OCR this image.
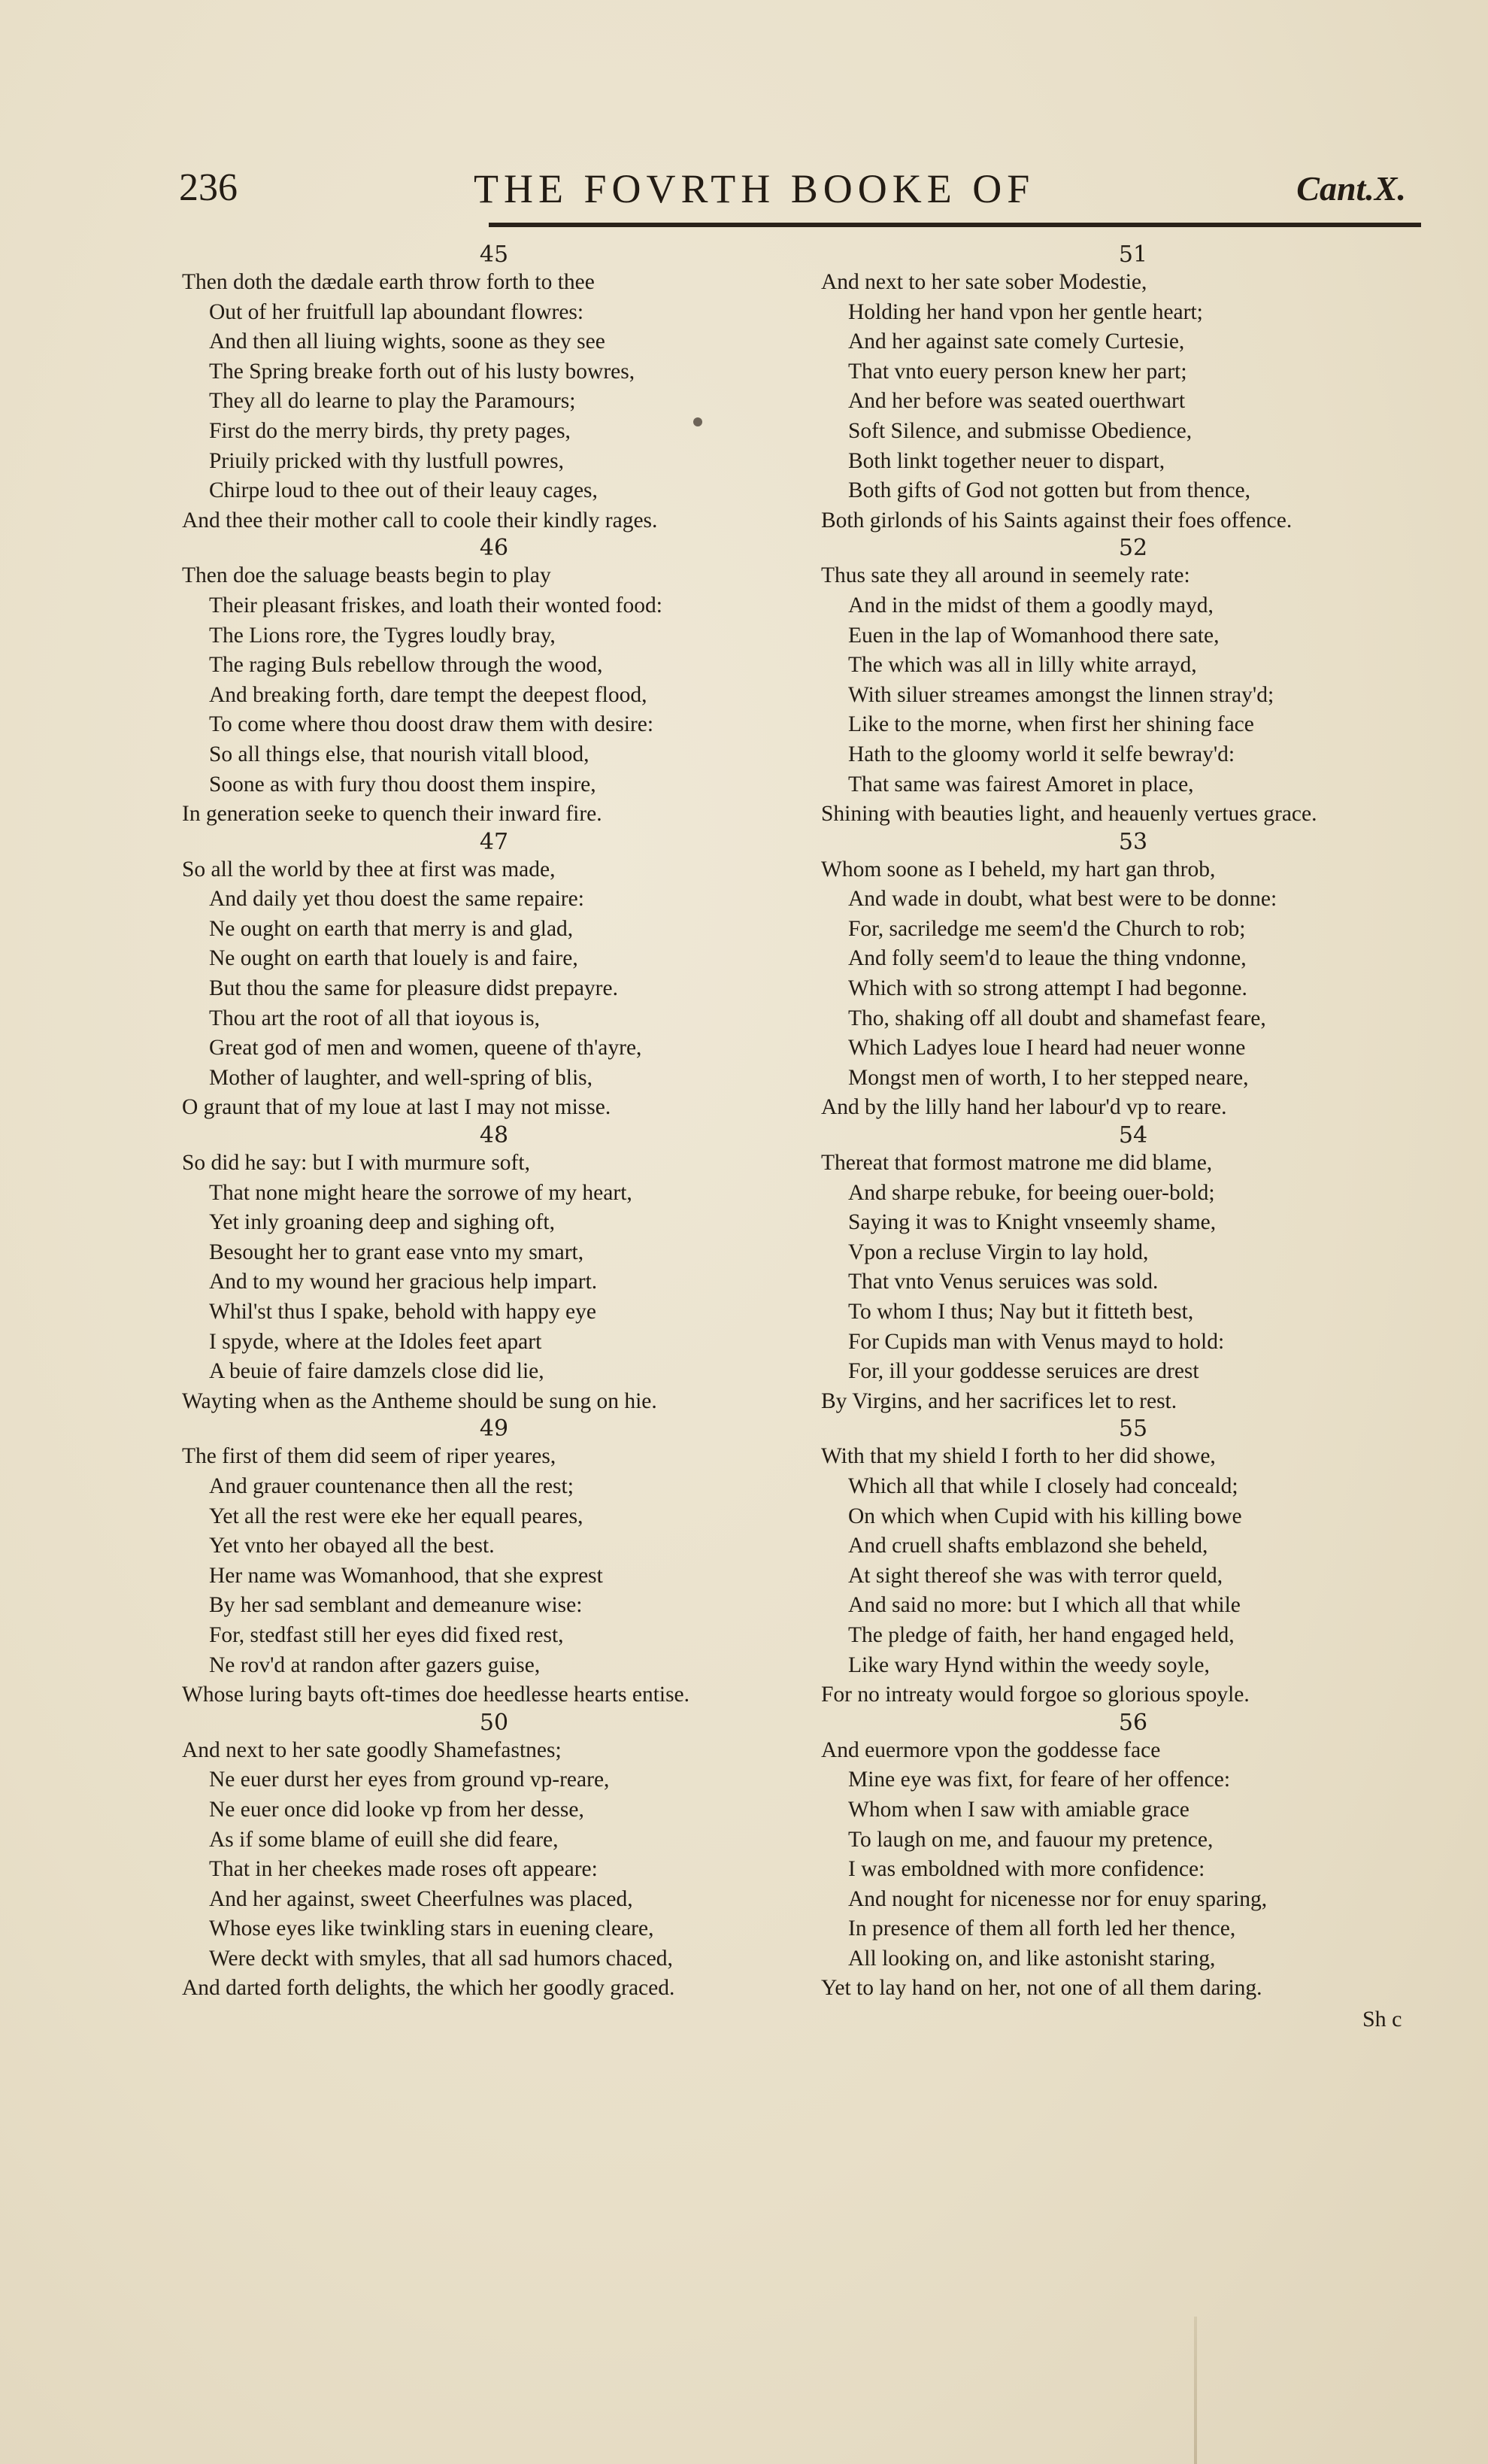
236	THE FOVRTH BOOKE OF	Cant.X.
45
Then doth the dædale earth throw forth to thee
Out of her fruitfull lap aboundant flowres:
And then all liuing wights, soone as they see
The Spring breake forth out of his lusty bowres,
They all do learne to play the Paramours;
First do the merry birds, thy prety pages,
Priuily pricked with thy lustfull powres,
Chirpe loud to thee out of their leauy cages,
And thee their mother call to coole their kindly rages.
46
Then doe the saluage beasts begin to play
Their pleasant friskes, and loath their wonted food:
The Lions rore, the Tygres loudly bray,
The raging Buls rebellow through the wood,
And breaking forth, dare tempt the deepest flood,
To come where thou doost draw them with desire:
So all things else, that nourish vitall blood,
Soone as with fury thou doost them inspire,
In generation seeke to quench their inward fire.
47
So all the world by thee at first was made,
And daily yet thou doest the same repaire:
Ne ought on earth that merry is and glad,
Ne ought on earth that louely is and faire,
But thou the same for pleasure didst prepayre.
Thou art the root of all that ioyous is,
Great god of men and women, queene of th'ayre,
Mother of laughter, and well-spring of blis,
O graunt that of my loue at last I may not misse.
48
So did he say: but I with murmure soft,
That none might heare the sorrowe of my heart,
Yet inly groaning deep and sighing oft,
Besought her to grant ease vnto my smart,
And to my wound her gracious help impart.
Whil'st thus I spake, behold with happy eye
I spyde, where at the Idoles feet apart
A beuie of faire damzels close did lie,
Wayting when as the Antheme should be sung on hie.
49
The first of them did seem of riper yeares,
And grauer countenance then all the rest;
Yet all the rest were eke her equall peares,
Yet vnto her obayed all the best.
Her name was Womanhood, that she exprest
By her sad semblant and demeanure wise:
For, stedfast still her eyes did fixed rest,
Ne rov'd at randon after gazers guise,
Whose luring bayts oft-times doe heedlesse hearts entise.
50
And next to her sate goodly Shamefastnes;
Ne euer durst her eyes from ground vp-reare,
Ne euer once did looke vp from her desse,
As if some blame of euill she did feare,
That in her cheekes made roses oft appeare:
And her against, sweet Cheerfulnes was placed,
Whose eyes like twinkling stars in euening cleare,
Were deckt with smyles, that all sad humors chaced,
And darted forth delights, the which her goodly graced.
51
And next to her sate sober Modestie,
Holding her hand vpon her gentle heart;
And her against sate comely Curtesie,
That vnto euery person knew her part;
And her before was seated ouerthwart
Soft Silence, and submisse Obedience,
Both linkt together neuer to dispart,
Both gifts of God not gotten but from thence,
Both girlonds of his Saints against their foes offence.
52
Thus sate they all around in seemely rate:
And in the midst of them a goodly mayd,
Euen in the lap of Womanhood there sate,
The which was all in lilly white arrayd,
With siluer streames amongst the linnen stray'd;
Like to the morne, when first her shining face
Hath to the gloomy world it selfe bewray'd:
That same was fairest Amoret in place,
Shining with beauties light, and heauenly vertues grace.
53
Whom soone as I beheld, my hart gan throb,
And wade in doubt, what best were to be donne:
For, sacriledge me seem'd the Church to rob;
And folly seem'd to leaue the thing vndonne,
Which with so strong attempt I had begonne.
Tho, shaking off all doubt and shamefast feare,
Which Ladyes loue I heard had neuer wonne
Mongst men of worth, I to her stepped neare,
And by the lilly hand her labour'd vp to reare.
54
Thereat that formost matrone me did blame,
And sharpe rebuke, for beeing ouer-bold;
Saying it was to Knight vnseemly shame,
Vpon a recluse Virgin to lay hold,
That vnto Venus seruices was sold.
To whom I thus; Nay but it fitteth best,
For Cupids man with Venus mayd to hold:
For, ill your goddesse seruices are drest
By Virgins, and her sacrifices let to rest.
55
With that my shield I forth to her did showe,
Which all that while I closely had conceald;
On which when Cupid with his killing bowe
And cruell shafts emblazond she beheld,
At sight thereof she was with terror queld,
And said no more: but I which all that while
The pledge of faith, her hand engaged held,
Like wary Hynd within the weedy soyle,
For no intreaty would forgoe so glorious spoyle.
56
And euermore vpon the goddesse face
Mine eye was fixt, for feare of her offence:
Whom when I saw with amiable grace
To laugh on me, and fauour my pretence,
I was emboldned with more confidence:
And nought for nicenesse nor for enuy sparing,
In presence of them all forth led her thence,
All looking on, and like astonisht staring,
Yet to lay hand on her, not one of all them daring.
Sh c
